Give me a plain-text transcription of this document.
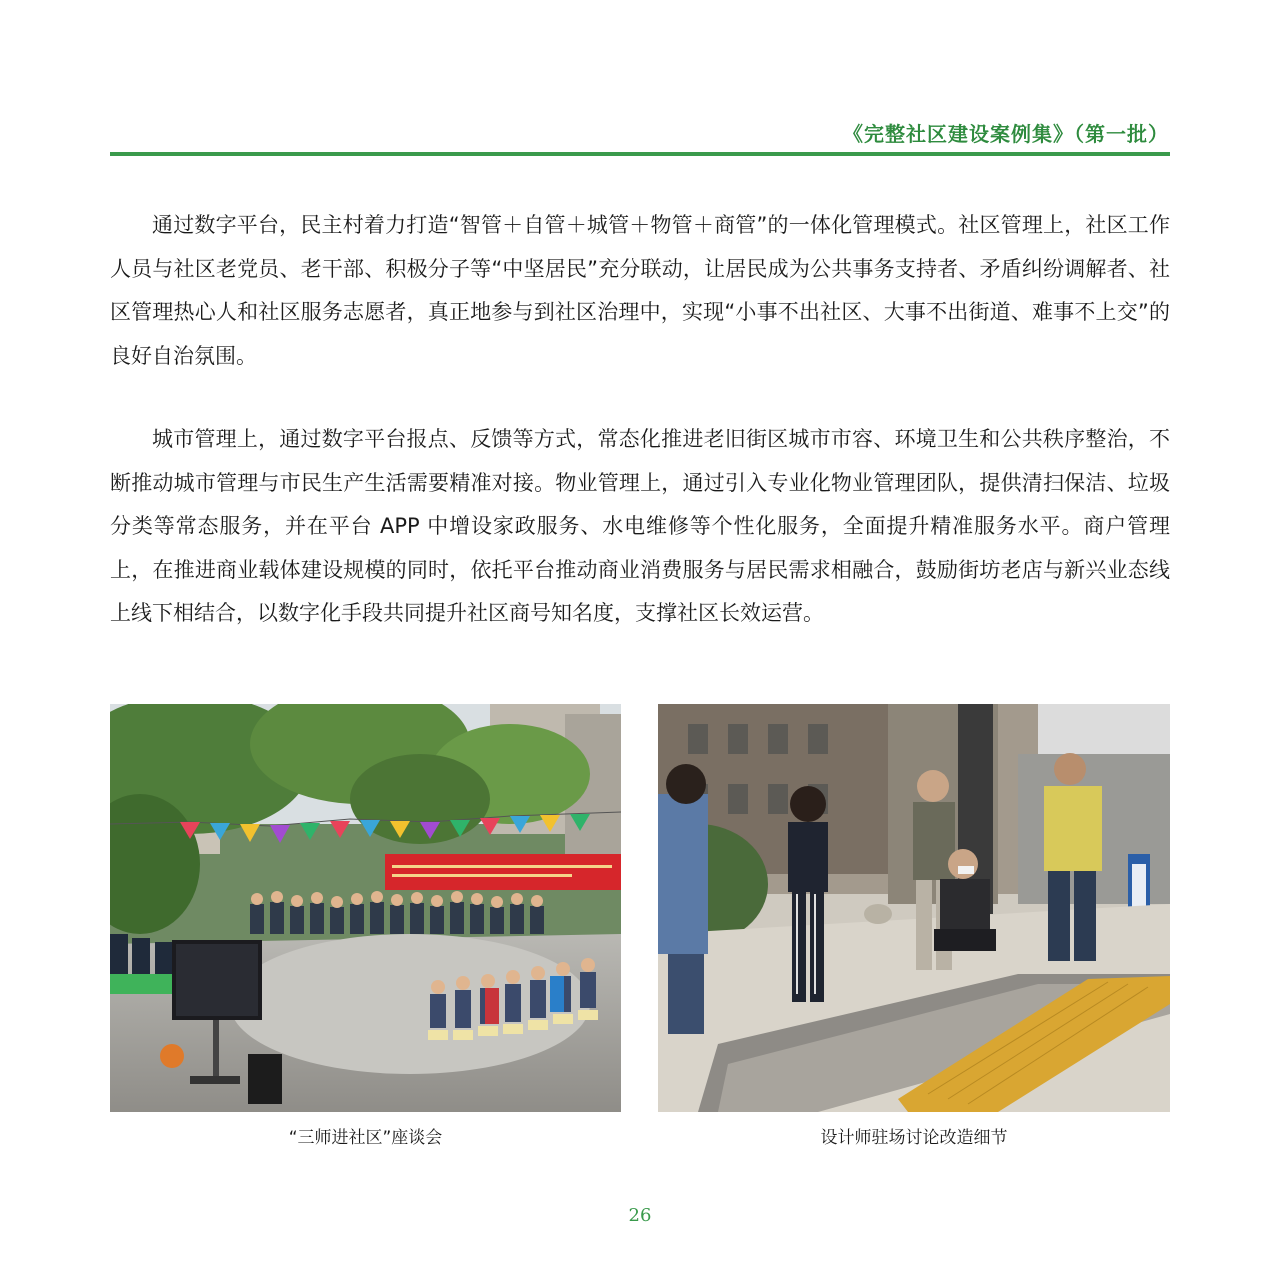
《完整社区建设案例集》（第一批）

通过数字平台，民主村着力打造“智管＋自管＋城管＋物管＋商管”的一体化管理模式。社区管理上，社区工作人员与社区老党员、老干部、积极分子等“中坚居民”充分联动，让居民成为公共事务支持者、矛盾纠纷调解者、社区管理热心人和社区服务志愿者，真正地参与到社区治理中，实现“小事不出社区、大事不出街道、难事不上交”的良好自治氛围。

城市管理上，通过数字平台报点、反馈等方式，常态化推进老旧街区城市市容、环境卫生和公共秩序整治，不断推动城市管理与市民生产生活需要精准对接。物业管理上，通过引入专业化物业管理团队，提供清扫保洁、垃圾分类等常态服务，并在平台 APP 中增设家政服务、水电维修等个性化服务，全面提升精准服务水平。商户管理上，在推进商业载体建设规模的同时，依托平台推动商业消费服务与居民需求相融合，鼓励街坊老店与新兴业态线上线下相结合，以数字化手段共同提升社区商号知名度，支撑社区长效运营。

“三师进社区”座谈会	设计师驻场讨论改造细节
26
